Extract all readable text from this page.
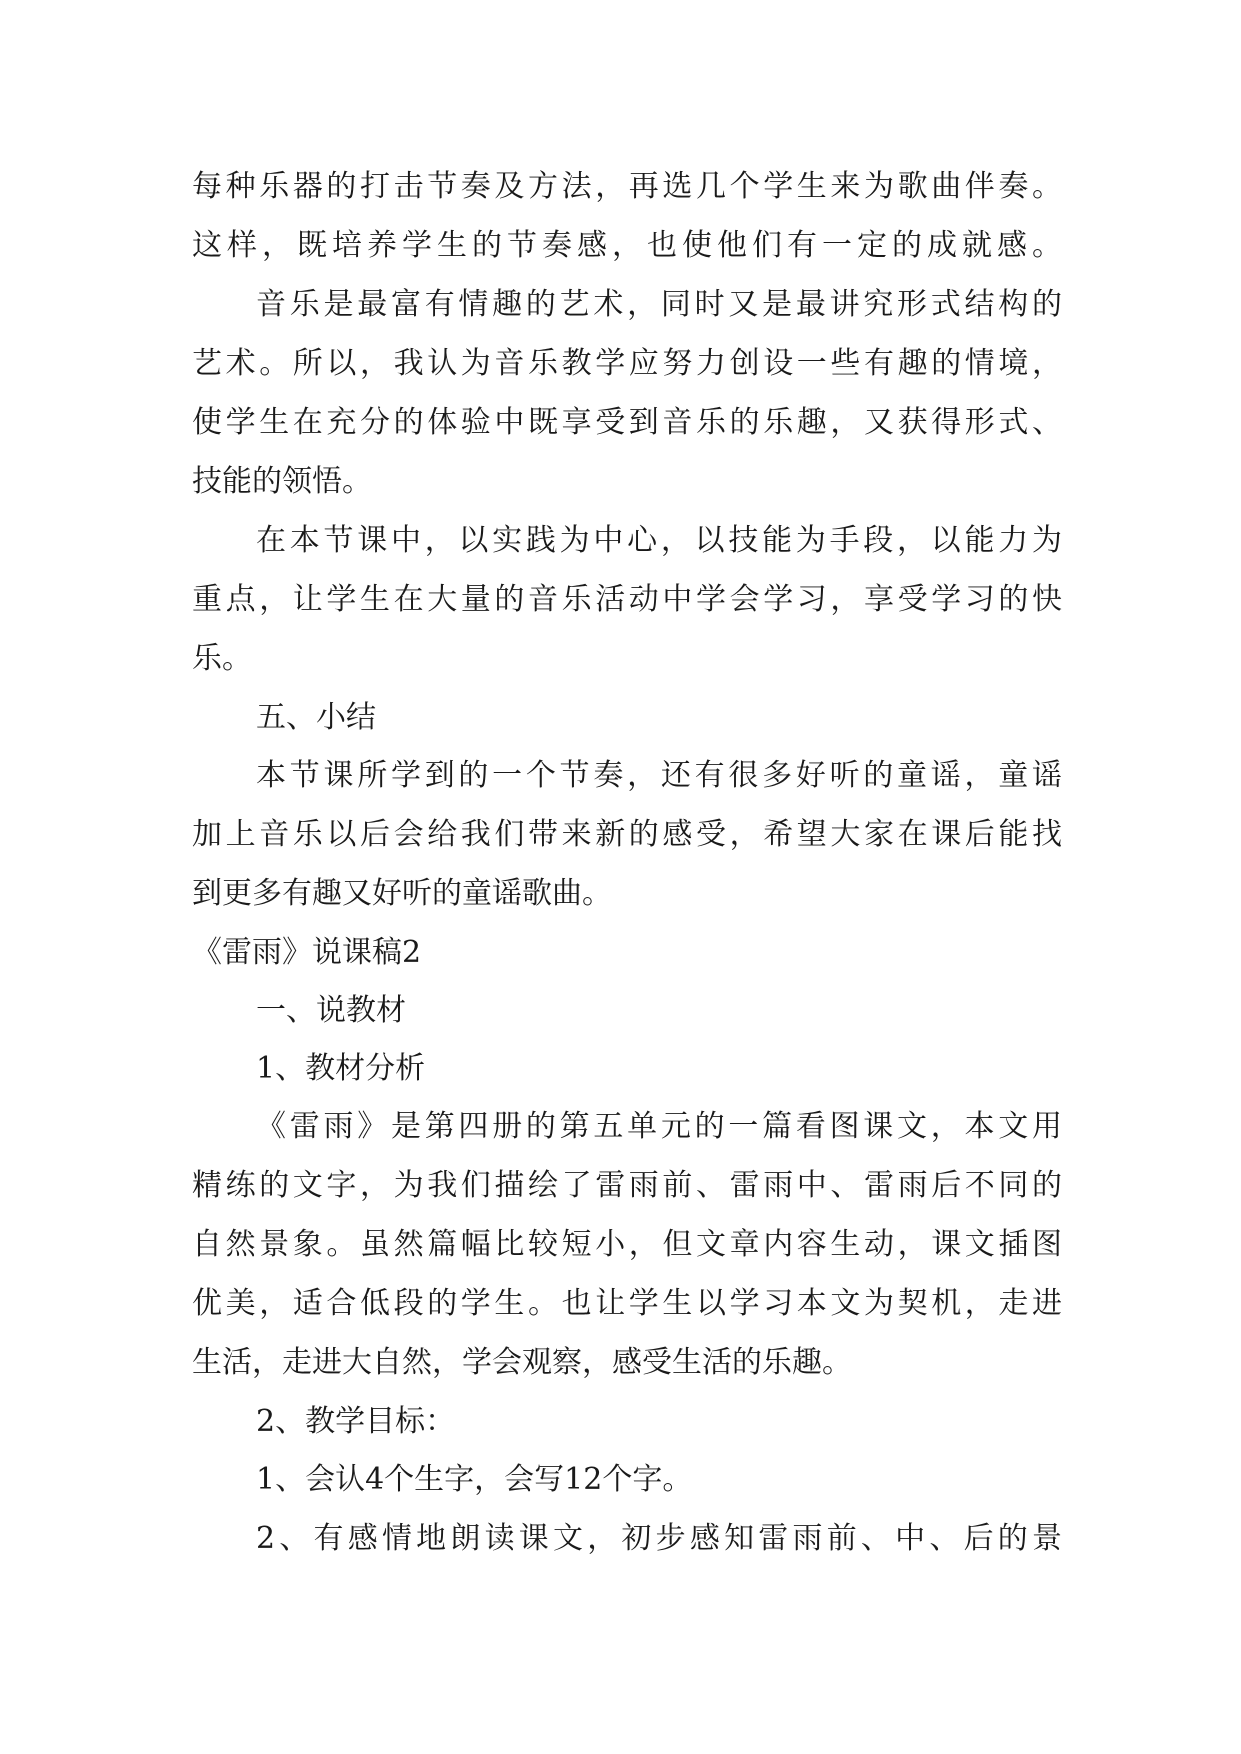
每种乐器的打击节奏及方法，再选几个学生来为歌曲伴奏。

这样，既培养学生的节奏感，也使他们有一定的成就感。

音乐是最富有情趣的艺术，同时又是最讲究形式结构的

艺术。所以，我认为音乐教学应努力创设一些有趣的情境，

使学生在充分的体验中既享受到音乐的乐趣，又获得形式、

技能的领悟。

在本节课中，以实践为中心，以技能为手段，以能力为

重点，让学生在大量的音乐活动中学会学习，享受学习的快

乐。

五、小结

本节课所学到的一个节奏，还有很多好听的童谣，童谣

加上音乐以后会给我们带来新的感受，希望大家在课后能找

到更多有趣又好听的童谣歌曲。

《雷雨》说课稿2

一、说教材

1、教材分析

《雷雨》是第四册的第五单元的一篇看图课文，本文用

精练的文字，为我们描绘了雷雨前、雷雨中、雷雨后不同的

自然景象。虽然篇幅比较短小，但文章内容生动，课文插图

优美，适合低段的学生。也让学生以学习本文为契机，走进

生活，走进大自然，学会观察，感受生活的乐趣。

2、教学目标：

1、会认4个生字，会写12个字。

2、有感情地朗读课文，初步感知雷雨前、中、后的景
